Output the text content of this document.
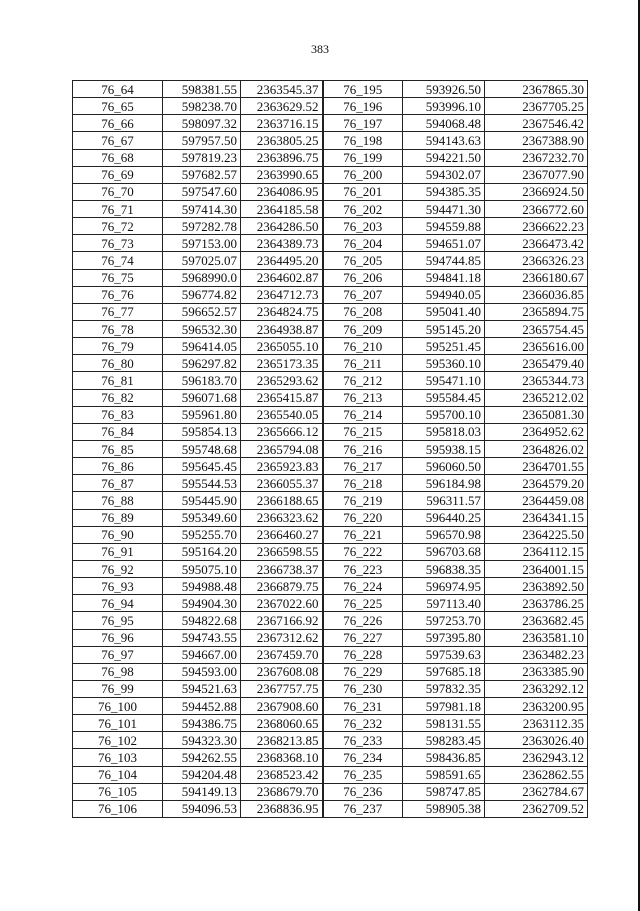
383
76_64	598381.55	2363545.37	76_195	593926.50	2367865.30
76_65	598238.70	2363629.52	76_196	593996.10	2367705.25
76_66	598097.32	2363716.15	76_197	594068.48	2367546.42
76_67	597957.50	2363805.25	76_198	594143.63	2367388.90
76_68	597819.23	2363896.75	76_199	594221.50	2367232.70
76_69	597682.57	2363990.65	76_200	594302.07	2367077.90
76_70	597547.60	2364086.95	76_201	594385.35	2366924.50
76_71	597414.30	2364185.58	76_202	594471.30	2366772.60
76_72	597282.78	2364286.50	76_203	594559.88	2366622.23
76_73	597153.00	2364389.73	76_204	594651.07	2366473.42
76_74	597025.07	2364495.20	76_205	594744.85	2366326.23
76_75	5968990.0	2364602.87	76_206	594841.18	2366180.67
76_76	596774.82	2364712.73	76_207	594940.05	2366036.85
76_77	596652.57	2364824.75	76_208	595041.40	2365894.75
76_78	596532.30	2364938.87	76_209	595145.20	2365754.45
76_79	596414.05	2365055.10	76_210	595251.45	2365616.00
76_80	596297.82	2365173.35	76_211	595360.10	2365479.40
76_81	596183.70	2365293.62	76_212	595471.10	2365344.73
76_82	596071.68	2365415.87	76_213	595584.45	2365212.02
76_83	595961.80	2365540.05	76_214	595700.10	2365081.30
76_84	595854.13	2365666.12	76_215	595818.03	2364952.62
76_85	595748.68	2365794.08	76_216	595938.15	2364826.02
76_86	595645.45	2365923.83	76_217	596060.50	2364701.55
76_87	595544.53	2366055.37	76_218	596184.98	2364579.20
76_88	595445.90	2366188.65	76_219	596311.57	2364459.08
76_89	595349.60	2366323.62	76_220	596440.25	2364341.15
76_90	595255.70	2366460.27	76_221	596570.98	2364225.50
76_91	595164.20	2366598.55	76_222	596703.68	2364112.15
76_92	595075.10	2366738.37	76_223	596838.35	2364001.15
76_93	594988.48	2366879.75	76_224	596974.95	2363892.50
76_94	594904.30	2367022.60	76_225	597113.40	2363786.25
76_95	594822.68	2367166.92	76_226	597253.70	2363682.45
76_96	594743.55	2367312.62	76_227	597395.80	2363581.10
76_97	594667.00	2367459.70	76_228	597539.63	2363482.23
76_98	594593.00	2367608.08	76_229	597685.18	2363385.90
76_99	594521.63	2367757.75	76_230	597832.35	2363292.12
76_100	594452.88	2367908.60	76_231	597981.18	2363200.95
76_101	594386.75	2368060.65	76_232	598131.55	2363112.35
76_102	594323.30	2368213.85	76_233	598283.45	2363026.40
76_103	594262.55	2368368.10	76_234	598436.85	2362943.12
76_104	594204.48	2368523.42	76_235	598591.65	2362862.55
76_105	594149.13	2368679.70	76_236	598747.85	2362784.67
76_106	594096.53	2368836.95	76_237	598905.38	2362709.52
